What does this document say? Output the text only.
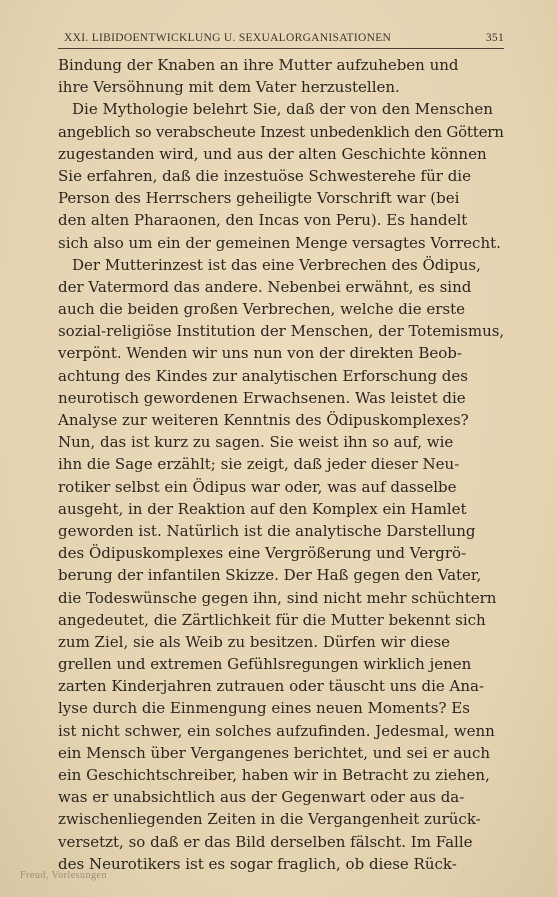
XXI. LIBIDOENTWICKLUNG U. SEXUALORGANISATIONEN	351
Bindung der Knaben an ihre Mutter aufzuheben und
ihre Versöhnung mit dem Vater herzustellen.
Die Mythologie belehrt Sie, daß der von den Menschen
angeblich so verabscheute Inzest unbedenklich den Göttern
zugestanden wird, und aus der alten Geschichte können
Sie erfahren, daß die inzestuöse Schwesterehe für die
Person des Herrschers geheiligte Vorschrift war (bei
den alten Pharaonen, den Incas von Peru). Es handelt
sich also um ein der gemeinen Menge versagtes Vorrecht.
Der Mutterinzest ist das eine Verbrechen des Ödipus,
der Vatermord das andere. Nebenbei erwähnt, es sind
auch die beiden großen Verbrechen, welche die erste
sozial-religiöse Institution der Menschen, der Totemismus,
verpönt. Wenden wir uns nun von der direkten Beob-
achtung des Kindes zur analytischen Erforschung des
neurotisch gewordenen Erwachsenen. Was leistet die
Analyse zur weiteren Kenntnis des Ödipuskomplexes?
Nun, das ist kurz zu sagen. Sie weist ihn so auf, wie
ihn die Sage erzählt; sie zeigt, daß jeder dieser Neu-
rotiker selbst ein Ödipus war oder, was auf dasselbe
ausgeht, in der Reaktion auf den Komplex ein Hamlet
geworden ist. Natürlich ist die analytische Darstellung
des Ödipuskomplexes eine Vergrößerung und Vergrö-
berung der infantilen Skizze. Der Haß gegen den Vater,
die Todeswünsche gegen ihn, sind nicht mehr schüchtern
angedeutet, die Zärtlichkeit für die Mutter bekennt sich
zum Ziel, sie als Weib zu besitzen. Dürfen wir diese
grellen und extremen Gefühlsregungen wirklich jenen
zarten Kinderjahren zutrauen oder täuscht uns die Ana-
lyse durch die Einmengung eines neuen Moments? Es
ist nicht schwer, ein solches aufzufinden. Jedesmal, wenn
ein Mensch über Vergangenes berichtet, und sei er auch
ein Geschichtschreiber, haben wir in Betracht zu ziehen,
was er unabsichtlich aus der Gegenwart oder aus da-
zwischenliegenden Zeiten in die Vergangenheit zurück-
versetzt, so daß er das Bild derselben fälscht. Im Falle
des Neurotikers ist es sogar fraglich, ob diese Rück-
Freud, Vorlesungen
